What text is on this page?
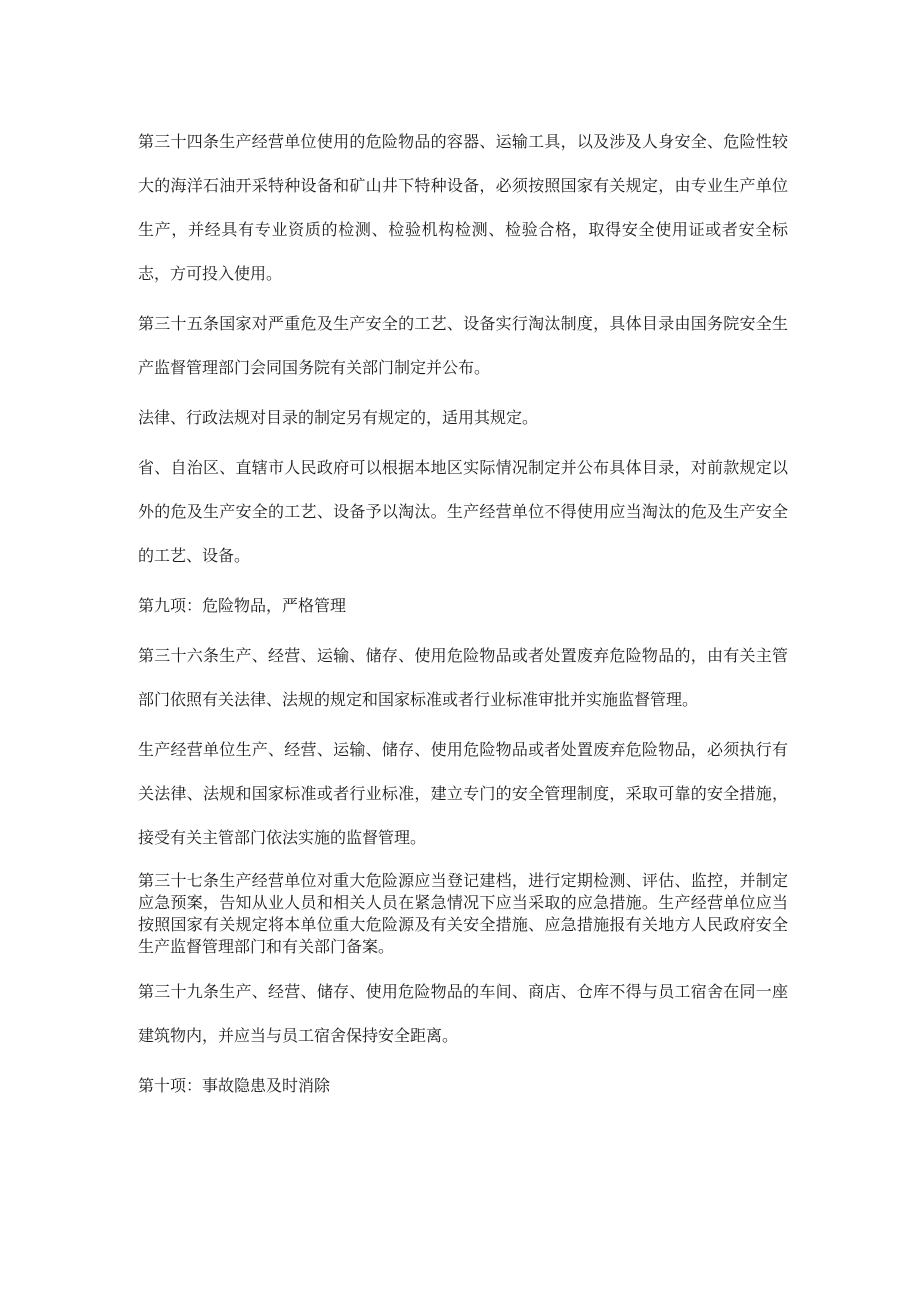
第三十四条生产经营单位使用的危险物品的容器、运输工具，以及涉及人身安全、危险性较大的海洋石油开采特种设备和矿山井下特种设备，必须按照国家有关规定，由专业生产单位生产，并经具有专业资质的检测、检验机构检测、检验合格，取得安全使用证或者安全标志，方可投入使用。

第三十五条国家对严重危及生产安全的工艺、设备实行淘汰制度，具体目录由国务院安全生产监督管理部门会同国务院有关部门制定并公布。

法律、行政法规对目录的制定另有规定的，适用其规定。

省、自治区、直辖市人民政府可以根据本地区实际情况制定并公布具体目录，对前款规定以外的危及生产安全的工艺、设备予以淘汰。生产经营单位不得使用应当淘汰的危及生产安全的工艺、设备。

第九项：危险物品，严格管理

第三十六条生产、经营、运输、储存、使用危险物品或者处置废弃危险物品的，由有关主管部门依照有关法律、法规的规定和国家标准或者行业标准审批并实施监督管理。

生产经营单位生产、经营、运输、储存、使用危险物品或者处置废弃危险物品，必须执行有关法律、法规和国家标准或者行业标准，建立专门的安全管理制度，采取可靠的安全措施，接受有关主管部门依法实施的监督管理。

第三十七条生产经营单位对重大危险源应当登记建档，进行定期检测、评估、监控，并制定应急预案，告知从业人员和相关人员在紧急情况下应当采取的应急措施。生产经营单位应当按照国家有关规定将本单位重大危险源及有关安全措施、应急措施报有关地方人民政府安全生产监督管理部门和有关部门备案。

第三十九条生产、经营、储存、使用危险物品的车间、商店、仓库不得与员工宿舍在同一座建筑物内，并应当与员工宿舍保持安全距离。

第十项：事故隐患及时消除
